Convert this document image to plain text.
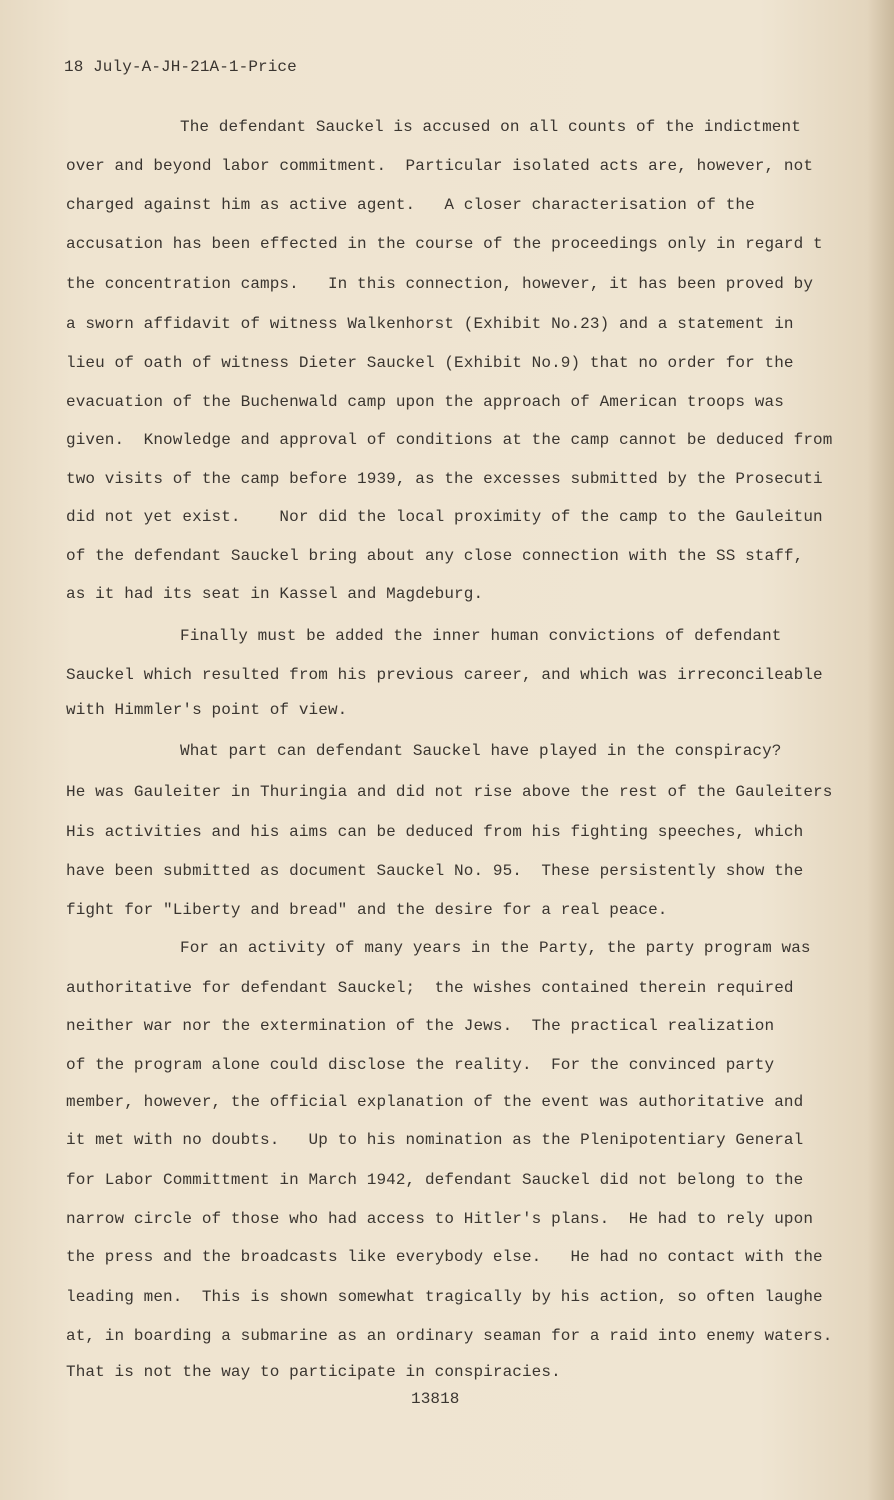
18 July-A-JH-21A-1-Price
The defendant Sauckel is accused on all counts of the indictment
over and beyond labor commitment.  Particular isolated acts are, however, not
charged against him as active agent.   A closer characterisation of the
accusation has been effected in the course of the proceedings only in regard t
the concentration camps.   In this connection, however, it has been proved by
a sworn affidavit of witness Walkenhorst (Exhibit No.23) and a statement in
lieu of oath of witness Dieter Sauckel (Exhibit No.9) that no order for the
evacuation of the Buchenwald camp upon the approach of American troops was
given.  Knowledge and approval of conditions at the camp cannot be deduced from
two visits of the camp before 1939, as the excesses submitted by the Prosecuti
did not yet exist.    Nor did the local proximity of the camp to the Gauleitun
of the defendant Sauckel bring about any close connection with the SS staff,
as it had its seat in Kassel and Magdeburg.
Finally must be added the inner human convictions of defendant
Sauckel which resulted from his previous career, and which was irreconcileable
with Himmler's point of view.
What part can defendant Sauckel have played in the conspiracy?
He was Gauleiter in Thuringia and did not rise above the rest of the Gauleiters
His activities and his aims can be deduced from his fighting speeches, which
have been submitted as document Sauckel No. 95.  These persistently show the
fight for "Liberty and bread" and the desire for a real peace.
For an activity of many years in the Party, the party program was
authoritative for defendant Sauckel;  the wishes contained therein required
neither war nor the extermination of the Jews.  The practical realization
of the program alone could disclose the reality.  For the convinced party
member, however, the official explanation of the event was authoritative and
it met with no doubts.   Up to his nomination as the Plenipotentiary General
for Labor Committment in March 1942, defendant Sauckel did not belong to the
narrow circle of those who had access to Hitler's plans.  He had to rely upon
the press and the broadcasts like everybody else.   He had no contact with the
leading men.  This is shown somewhat tragically by his action, so often laughe
at, in boarding a submarine as an ordinary seaman for a raid into enemy waters.
That is not the way to participate in conspiracies.
13818
